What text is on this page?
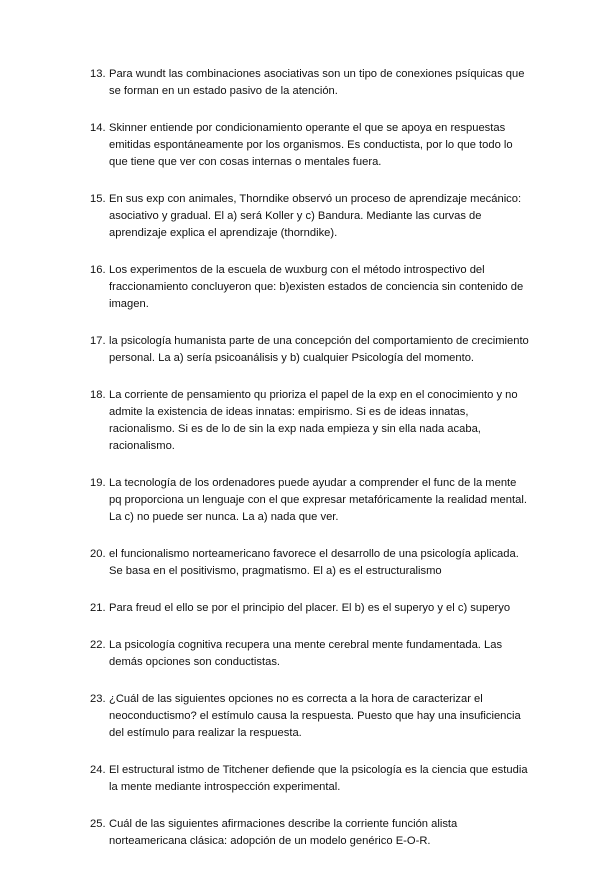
13. Para wundt las combinaciones asociativas son un tipo de conexiones psíquicas que se forman en un estado pasivo de la atención.
14. Skinner entiende por condicionamiento operante el que se apoya en respuestas emitidas espontáneamente por los organismos. Es conductista, por lo que todo lo que tiene que ver con cosas internas o mentales fuera.
15. En sus exp con animales, Thorndike observó un proceso de aprendizaje mecánico: asociativo y gradual. El a) será Koller y c) Bandura. Mediante las curvas de aprendizaje explica el aprendizaje (thorndike).
16. Los experimentos de la escuela de wuxburg con el método introspectivo del fraccionamiento concluyeron que: b)existen estados de conciencia sin contenido de imagen.
17. la psicología humanista parte de una concepción del comportamiento de crecimiento personal. La a) sería psicoanálisis y b) cualquier Psicología del momento.
18. La corriente de pensamiento qu prioriza el papel de la exp en el conocimiento y no admite la existencia de ideas innatas: empirismo. Si es de ideas innatas, racionalismo. Si es de lo de sin la exp nada empieza y sin ella nada acaba, racionalismo.
19. La tecnología de los ordenadores puede ayudar a comprender el func de la mente pq proporciona un lenguaje con el que expresar metafóricamente la realidad mental. La c) no puede ser nunca. La a) nada que ver.
20. el funcionalismo norteamericano favorece el desarrollo de una psicología aplicada. Se basa en el positivismo, pragmatismo. El a) es el estructuralismo
21. Para freud el ello se por el principio del placer. El b) es el superyo y el c) superyo
22. La psicología cognitiva recupera una mente cerebral mente fundamentada. Las demás opciones son conductistas.
23. ¿Cuál de las siguientes opciones no es correcta a la hora de caracterizar el neoconductismo? el estímulo causa la respuesta. Puesto que hay una insuficiencia del estímulo para realizar la respuesta.
24. El estructural istmo de Titchener defiende que la psicología es la ciencia que estudia la mente mediante introspección experimental.
25. Cuál de las siguientes afirmaciones describe la corriente función alista norteamericana clásica: adopción de un modelo genérico E-O-R.
